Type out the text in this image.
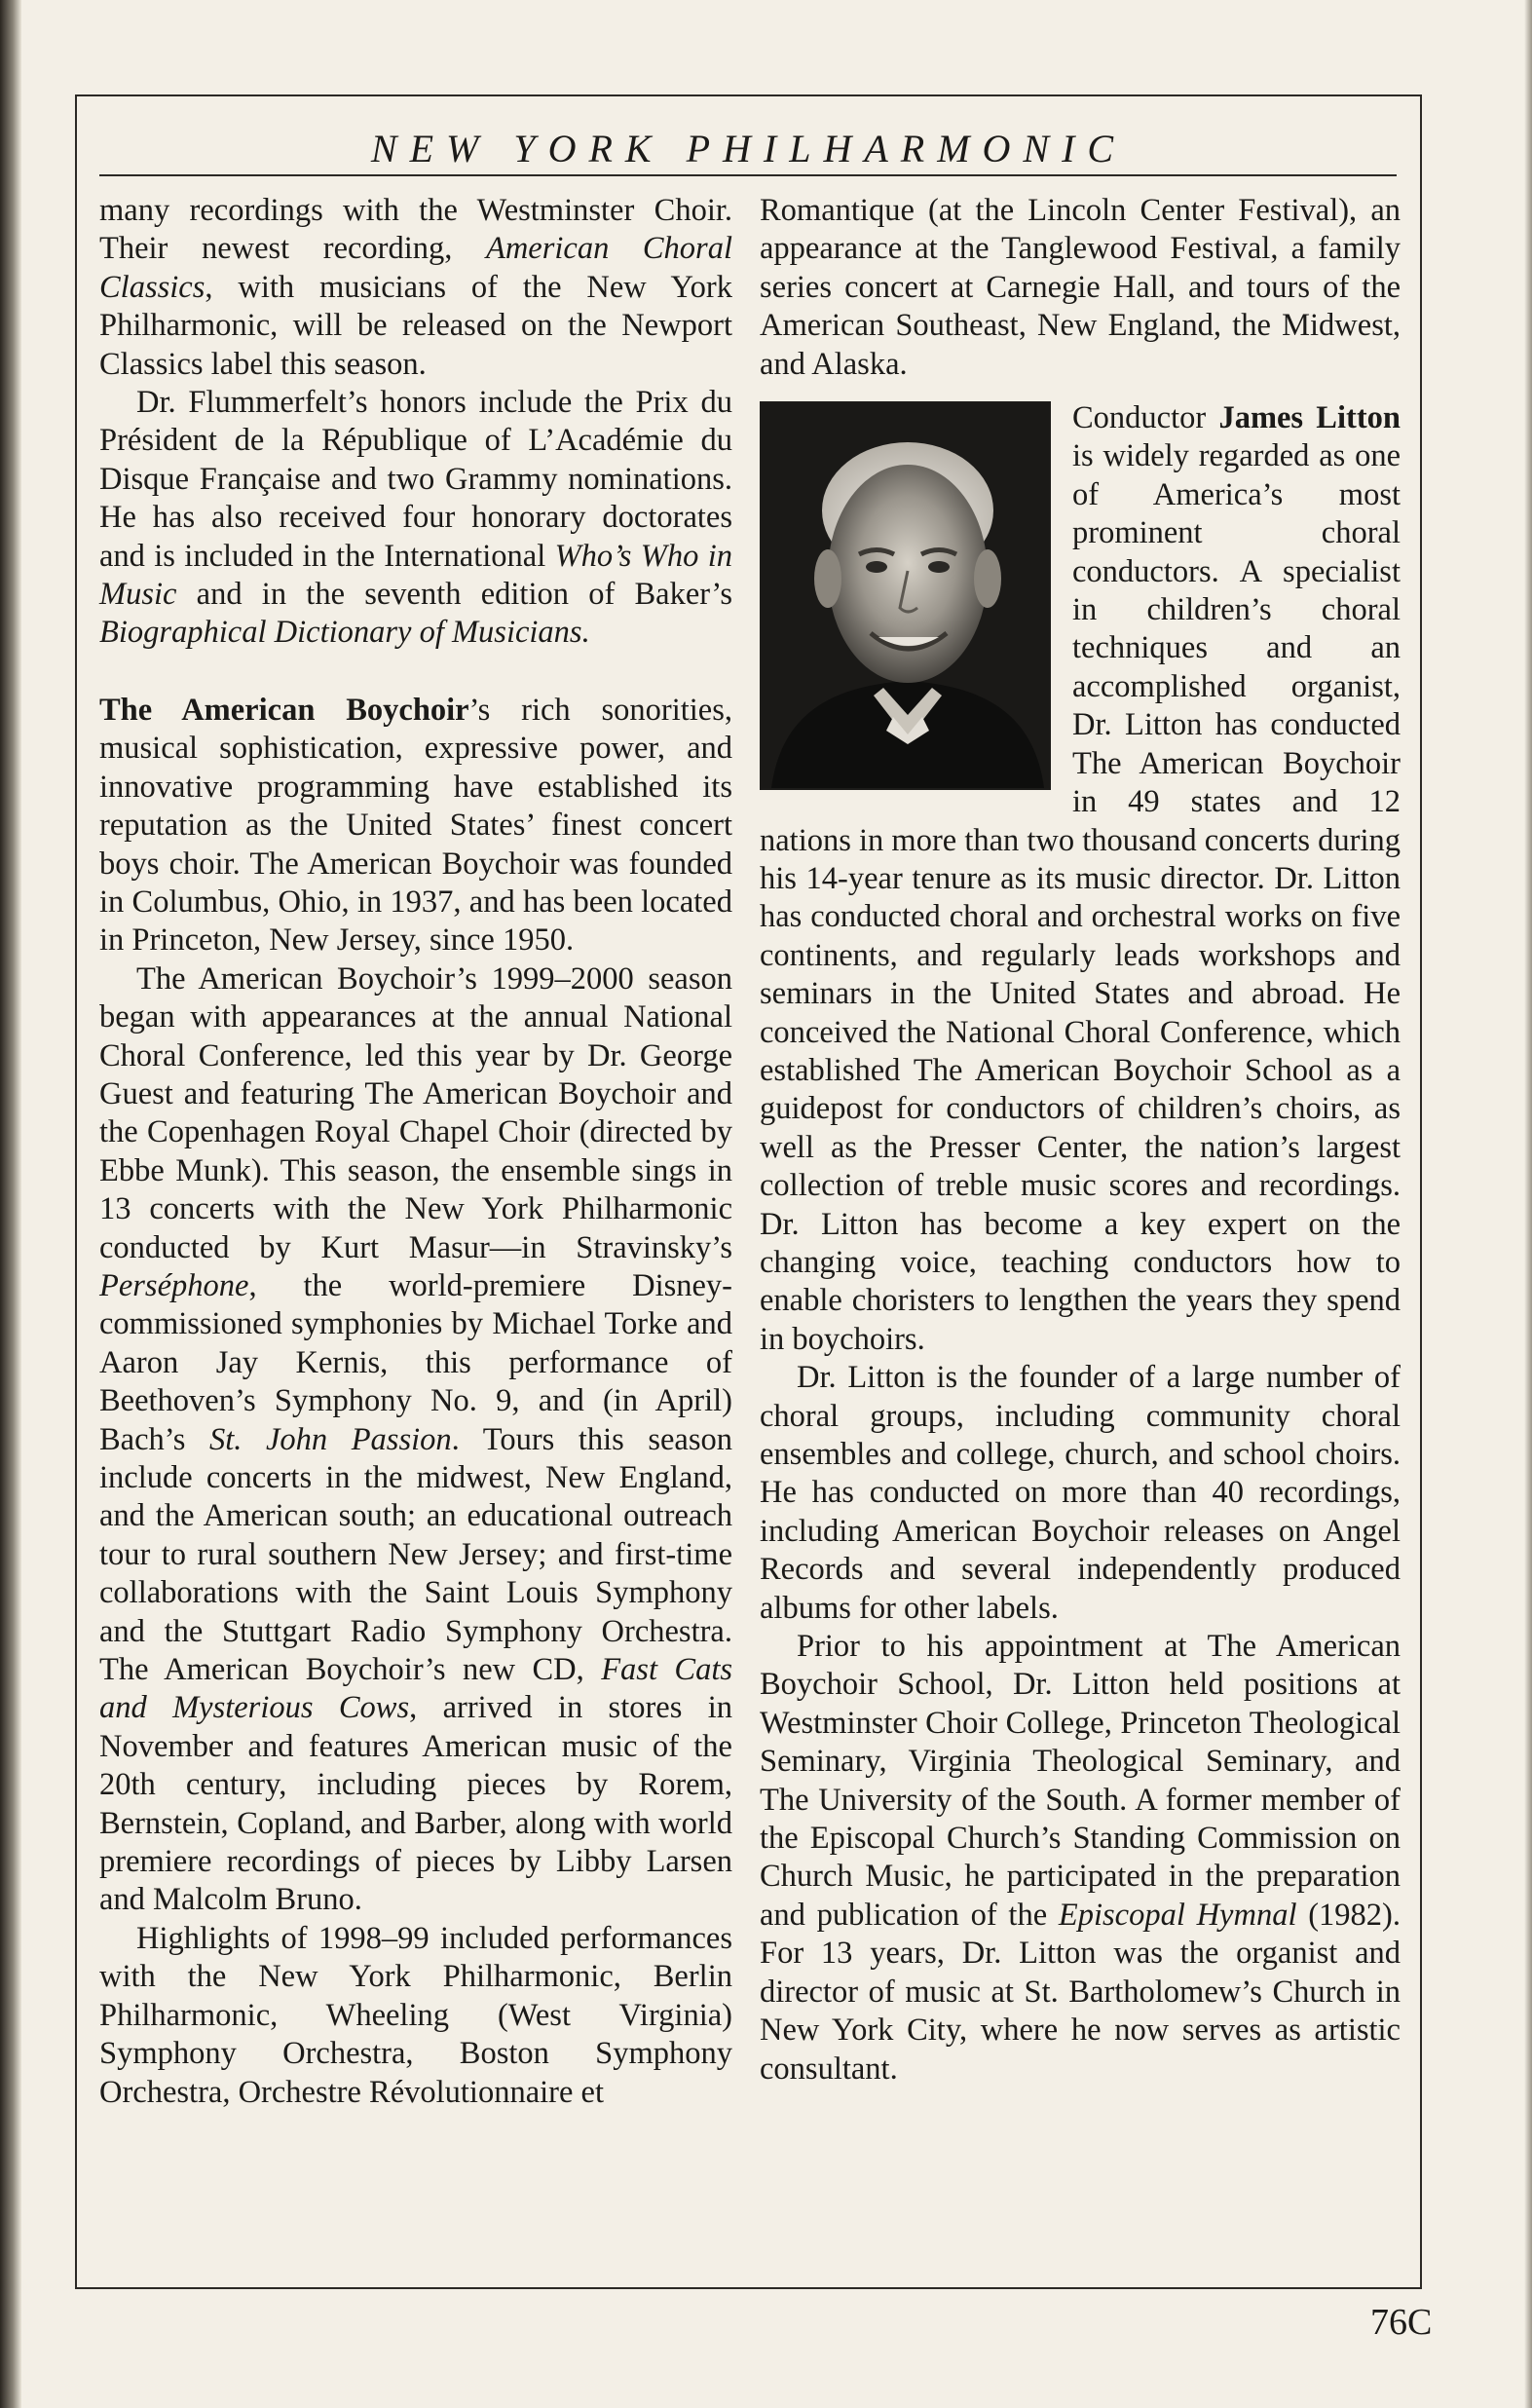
NEW YORK PHILHARMONIC

many recordings with the Westminster Choir. Their newest recording, American Choral Classics, with musicians of the New York Philharmonic, will be released on the Newport Classics label this season.

Dr. Flummerfelt’s honors include the Prix du Président de la République of L’Académie du Disque Française and two Grammy nominations. He has also received four honorary doctorates and is included in the International Who’s Who in Music and in the seventh edition of Baker’s Biographical Dictionary of Musicians.

The American Boychoir’s rich sonorities, musical sophistication, expressive power, and innovative programming have established its reputation as the United States’ finest concert boys choir. The American Boychoir was founded in Columbus, Ohio, in 1937, and has been located in Princeton, New Jersey, since 1950.

The American Boychoir’s 1999–2000 season began with appearances at the annual National Choral Conference, led this year by Dr. George Guest and featuring The American Boychoir and the Copenhagen Royal Chapel Choir (directed by Ebbe Munk). This season, the ensemble sings in 13 concerts with the New York Philharmonic conducted by Kurt Masur—in Stravinsky’s Perséphone, the world-premiere Disney-commissioned symphonies by Michael Torke and Aaron Jay Kernis, this performance of Beethoven’s Symphony No. 9, and (in April) Bach’s St. John Passion. Tours this season include concerts in the midwest, New England, and the American south; an educational outreach tour to rural southern New Jersey; and first-time collaborations with the Saint Louis Symphony and the Stuttgart Radio Symphony Orchestra. The American Boychoir’s new CD, Fast Cats and Mysterious Cows, arrived in stores in November and features American music of the 20th century, including pieces by Rorem, Bernstein, Copland, and Barber, along with world premiere recordings of pieces by Libby Larsen and Malcolm Bruno.

Highlights of 1998–99 included performances with the New York Philharmonic, Berlin Philharmonic, Wheeling (West Virginia) Symphony Orchestra, Boston Symphony Orchestra, Orchestre Révolutionnaire et

Romantique (at the Lincoln Center Festival), an appearance at the Tanglewood Festival, a family series concert at Carnegie Hall, and tours of the American Southeast, New England, the Midwest, and Alaska.

Conductor James Litton is widely regarded as one of America’s most prominent choral conductors. A specialist in children’s choral techniques and an accomplished organist, Dr. Litton has conducted The American Boychoir in 49 states and 12 nations in more than two thousand concerts during his 14-year tenure as its music director. Dr. Litton has conducted choral and orchestral works on five continents, and regularly leads workshops and seminars in the United States and abroad. He conceived the National Choral Conference, which established The American Boychoir School as a guidepost for conductors of children’s choirs, as well as the Presser Center, the nation’s largest collection of treble music scores and recordings. Dr. Litton has become a key expert on the changing voice, teaching conductors how to enable choristers to lengthen the years they spend in boychoirs.

Dr. Litton is the founder of a large number of choral groups, including community choral ensembles and college, church, and school choirs. He has conducted on more than 40 recordings, including American Boychoir releases on Angel Records and several independently produced albums for other labels.

Prior to his appointment at The American Boychoir School, Dr. Litton held positions at Westminster Choir College, Princeton Theological Seminary, Virginia Theological Seminary, and The University of the South. A former member of the Episcopal Church’s Standing Commission on Church Music, he participated in the preparation and publication of the Episcopal Hymnal (1982). For 13 years, Dr. Litton was the organist and director of music at St. Bartholomew’s Church in New York City, where he now serves as artistic consultant.

76C
